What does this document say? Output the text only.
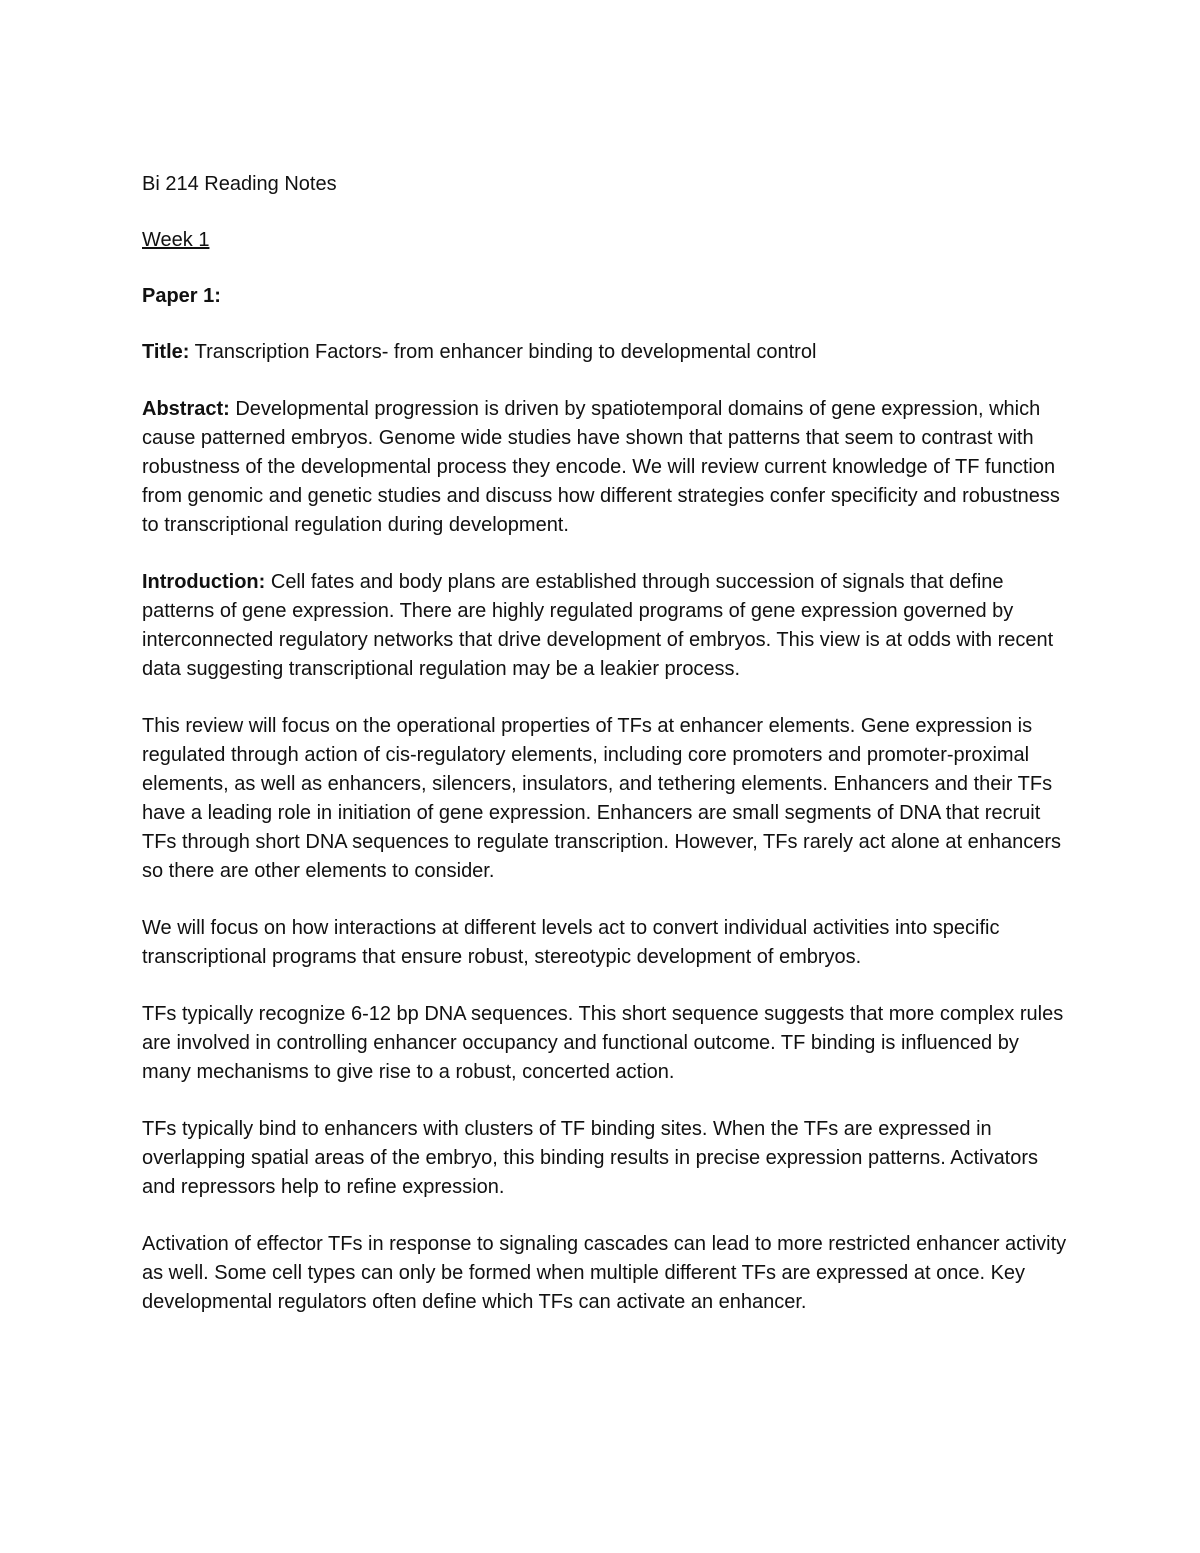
Bi 214 Reading Notes
Week 1
Paper 1:
Title: Transcription Factors- from enhancer binding to developmental control
Abstract: Developmental progression is driven by spatiotemporal domains of gene expression, which cause patterned embryos. Genome wide studies have shown that patterns that seem to contrast with robustness of the developmental process they encode. We will review current knowledge of TF function from genomic and genetic studies and discuss how different strategies confer specificity and robustness to transcriptional regulation during development.
Introduction: Cell fates and body plans are established through succession of signals that define patterns of gene expression. There are highly regulated programs of gene expression governed by interconnected regulatory networks that drive development of embryos. This view is at odds with recent data suggesting transcriptional regulation may be a leakier process.

This review will focus on the operational properties of TFs at enhancer elements. Gene expression is regulated through action of cis-regulatory elements, including core promoters and promoter-proximal elements, as well as enhancers, silencers, insulators, and tethering elements. Enhancers and their TFs have a leading role in initiation of gene expression. Enhancers are small segments of DNA that recruit TFs through short DNA sequences to regulate transcription. However, TFs rarely act alone at enhancers so there are other elements to consider.

We will focus on how interactions at different levels act to convert individual activities into specific transcriptional programs that ensure robust, stereotypic development of embryos.

TFs typically recognize 6-12 bp DNA sequences. This short sequence suggests that more complex rules are involved in controlling enhancer occupancy and functional outcome. TF binding is influenced by many mechanisms to give rise to a robust, concerted action.

TFs typically bind to enhancers with clusters of TF binding sites. When the TFs are expressed in overlapping spatial areas of the embryo, this binding results in precise expression patterns. Activators and repressors help to refine expression.

Activation of effector TFs in response to signaling cascades can lead to more restricted enhancer activity as well. Some cell types can only be formed when multiple different TFs are expressed at once. Key developmental regulators often define which TFs can activate an enhancer.
